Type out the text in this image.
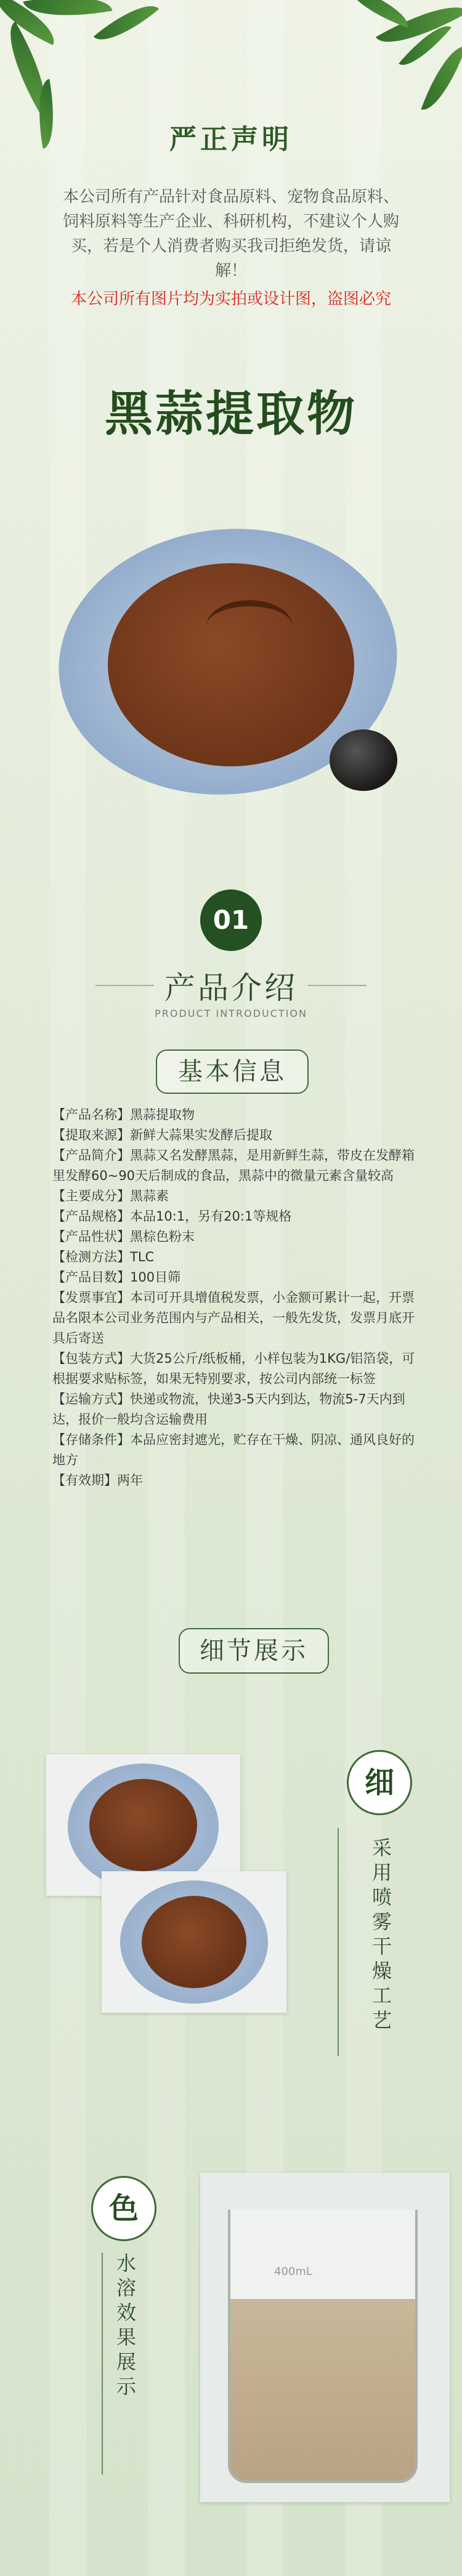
严正声明
本公司所有产品针对食品原料、宠物食品原料、饲料原料等生产企业、科研机构，不建议个人购买，若是个人消费者购买我司拒绝发货，请谅解！
本公司所有图片均为实拍或设计图，盗图必究
黑蒜提取物
01
产品介绍
PRODUCT INTRODUCTION
基本信息

【产品名称】黑蒜提取物

【提取来源】新鲜大蒜果实发酵后提取

【产品简介】黑蒜又名发酵黑蒜，是用新鲜生蒜，带皮在发酵箱里发酵60~90天后制成的食品，黑蒜中的微量元素含量较高

【主要成分】黑蒜素

【产品规格】本品10:1，另有20:1等规格

【产品性状】黑棕色粉末

【检测方法】TLC

【产品目数】100目筛

【发票事宜】本司可开具增值税发票，小金额可累计一起，开票品名限本公司业务范围内与产品相关，一般先发货，发票月底开具后寄送

【包装方式】大货25公斤/纸板桶，小样包装为1KG/铝箔袋，可根据要求贴标签，如果无特别要求，按公司内部统一标签

【运输方式】快递或物流，快递3-5天内到达，物流5-7天内到达，报价一般均含运输费用

【存储条件】本品应密封遮光，贮存在干燥、阴凉、通风良好的地方

【有效期】两年

细节展示
细
采用喷雾干燥工艺
色
水溶效果展示	400mL
